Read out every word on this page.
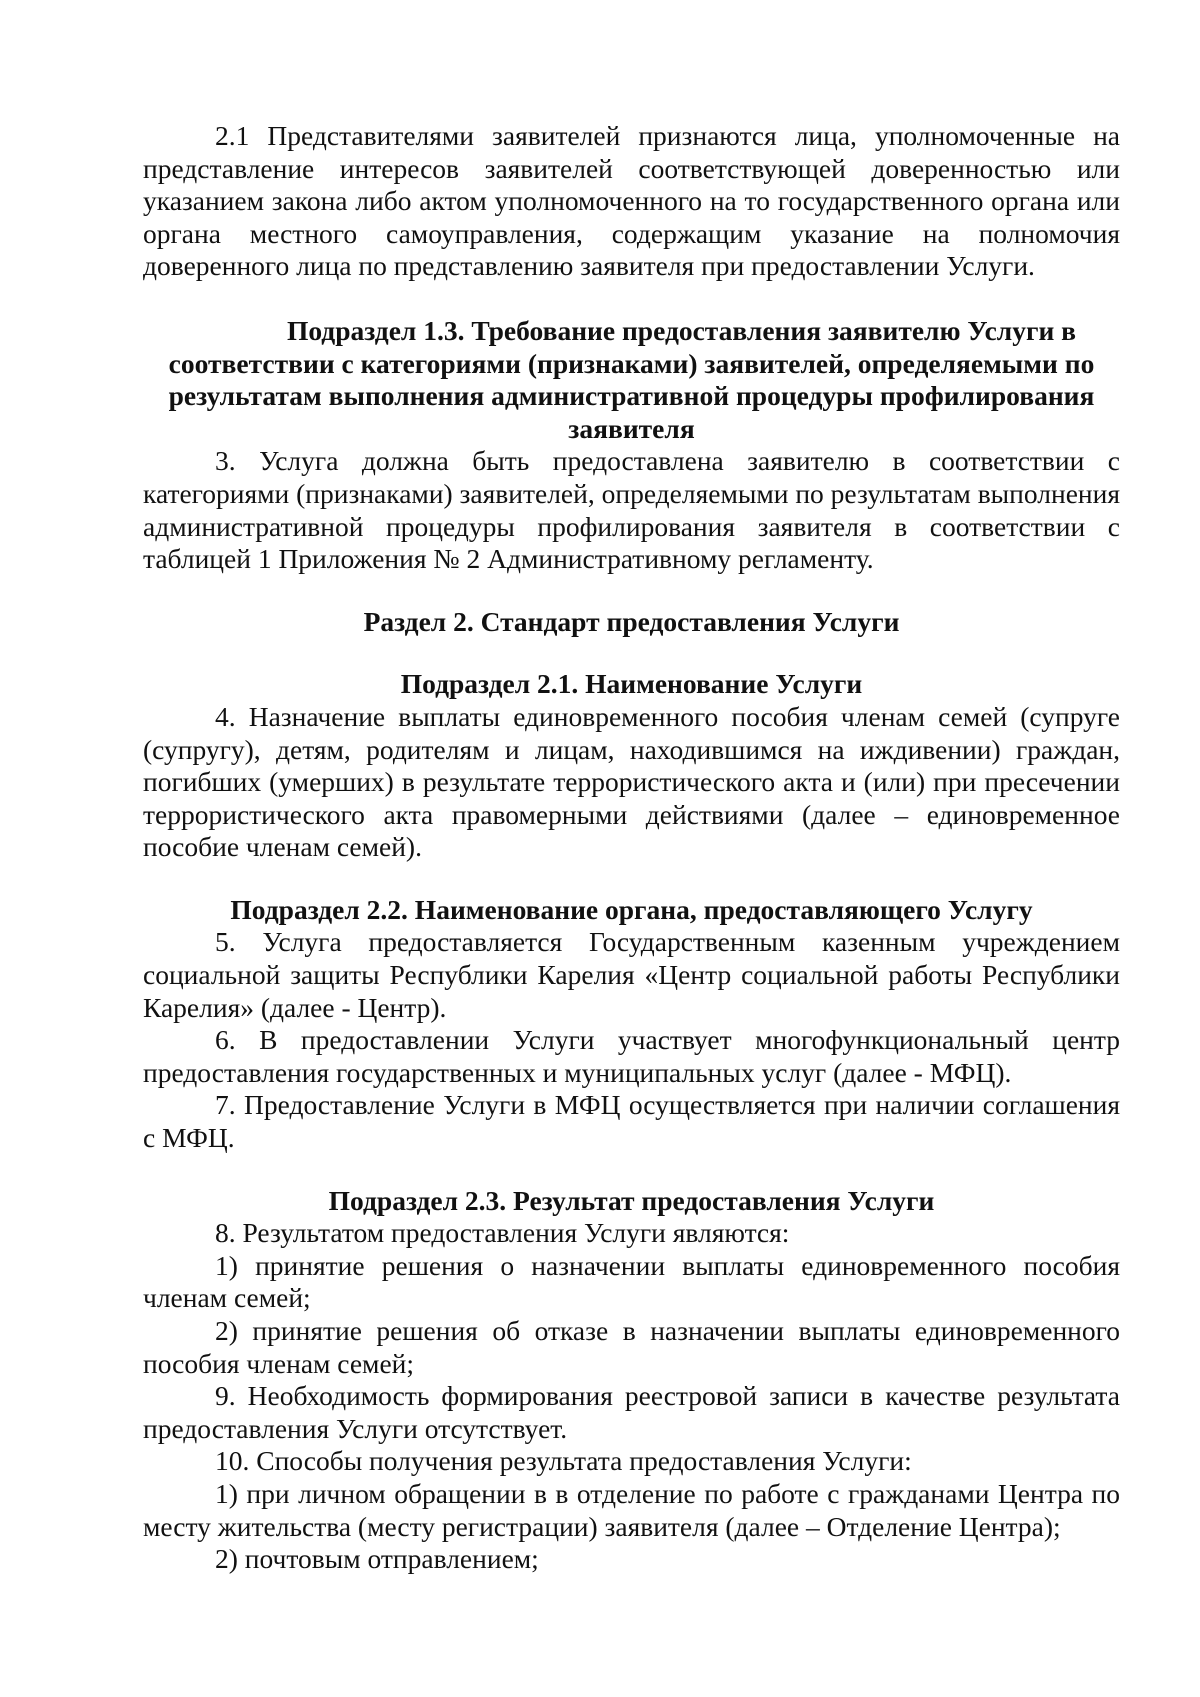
2.1 Представителями заявителей признаются лица, уполномоченные на представление интересов заявителей соответствующей доверенностью или указанием закона либо актом уполномоченного на то государственного органа или органа местного самоуправления, содержащим указание на полномочия доверенного лица по представлению заявителя при предоставлении Услуги.

Подраздел 1.3. Требование предоставления заявителю Услуги в соответствии с категориями (признаками) заявителей, определяемыми по результатам выполнения административной процедуры профилирования заявителя

3. Услуга должна быть предоставлена заявителю в соответствии с категориями (признаками) заявителей, определяемыми по результатам выполнения административной процедуры профилирования заявителя в соответствии с таблицей 1 Приложения № 2 Административному регламенту.

Раздел 2. Стандарт предоставления Услуги

Подраздел 2.1. Наименование Услуги

4. Назначение выплаты единовременного пособия членам семей (супруге (супругу), детям, родителям и лицам, находившимся на иждивении) граждан, погибших (умерших) в результате террористического акта и (или) при пресечении террористического акта правомерными действиями (далее – единовременное пособие членам семей).

Подраздел 2.2. Наименование органа, предоставляющего Услугу

5. Услуга предоставляется Государственным казенным учреждением социальной защиты Республики Карелия «Центр социальной работы Республики Карелия» (далее - Центр).

6. В предоставлении Услуги участвует многофункциональный центр предоставления государственных и муниципальных услуг (далее - МФЦ).

7. Предоставление Услуги в МФЦ осуществляется при наличии соглашения с МФЦ.

Подраздел 2.3. Результат предоставления Услуги

8. Результатом предоставления Услуги являются:

1) принятие решения о назначении выплаты единовременного пособия членам семей;

2) принятие решения об отказе в назначении выплаты единовременного пособия членам семей;

9. Необходимость формирования реестровой записи в качестве результата предоставления Услуги отсутствует.

10. Способы получения результата предоставления Услуги:

1) при личном обращении в в отделение по работе с гражданами Центра по месту жительства (месту регистрации) заявителя (далее – Отделение Центра);

2) почтовым отправлением;
